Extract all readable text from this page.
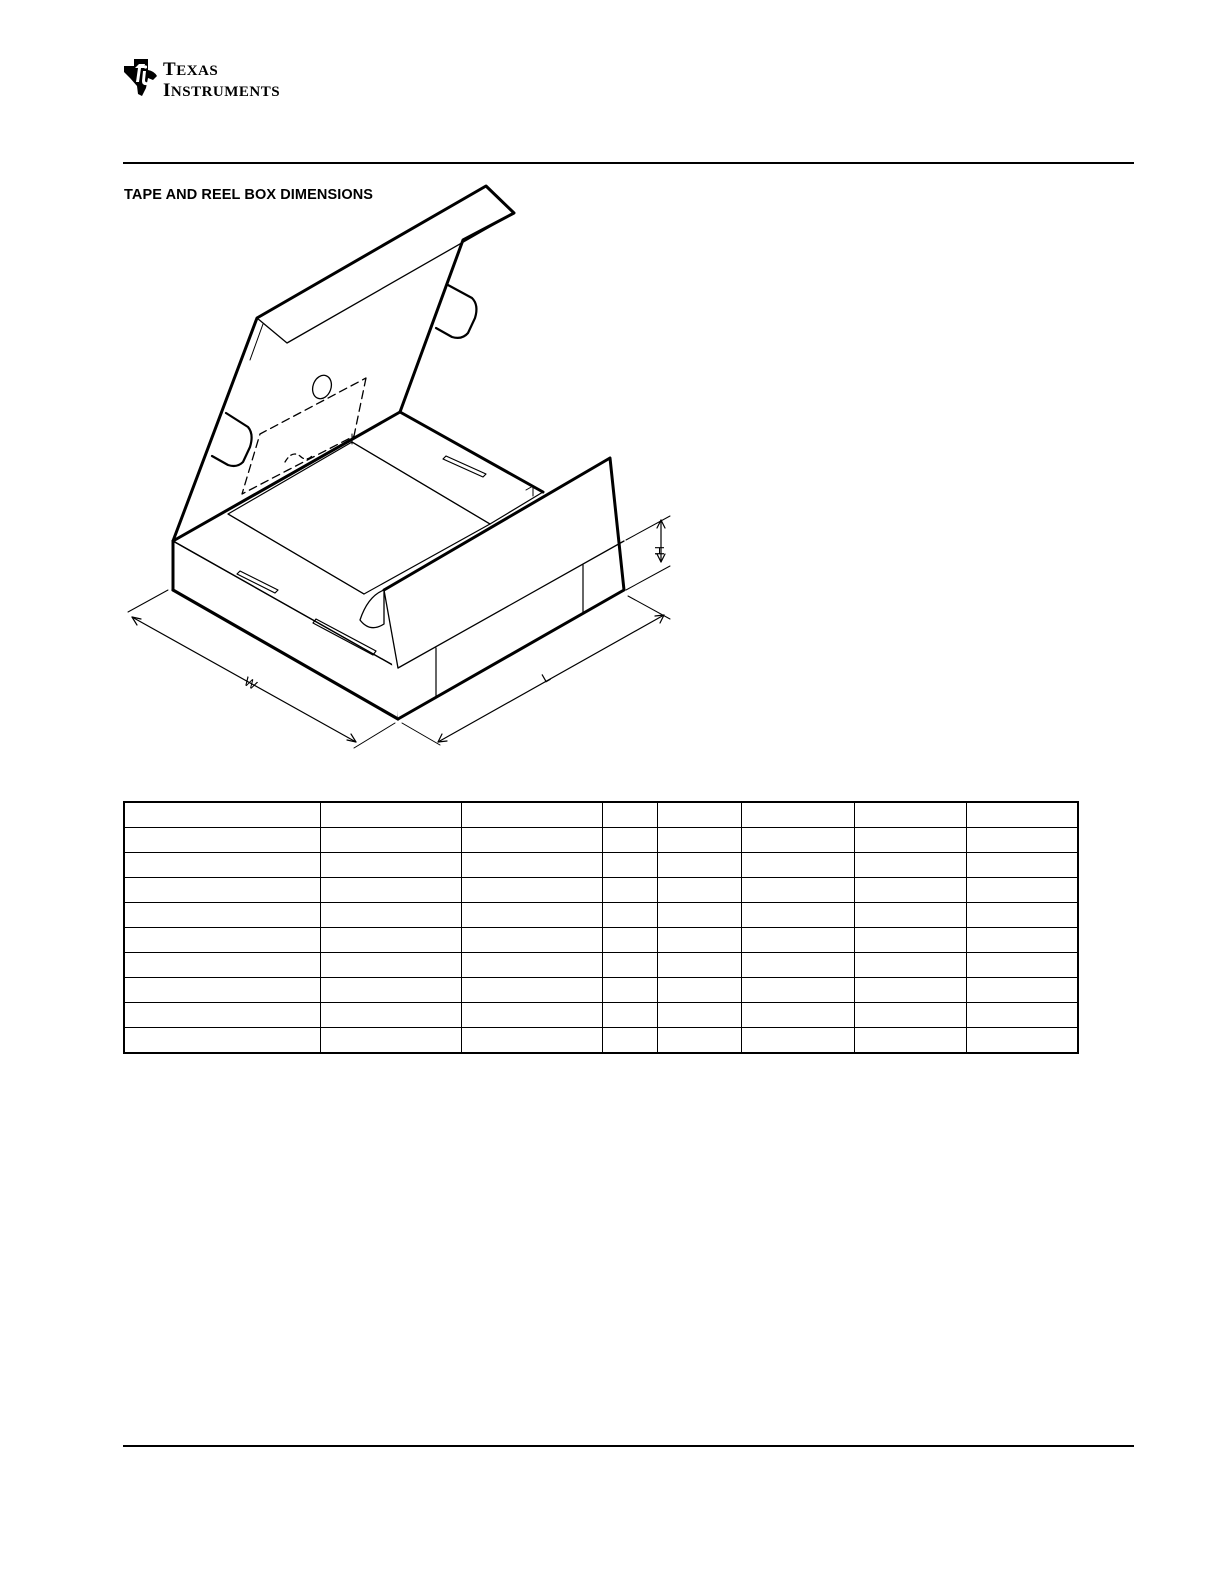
TEXAS
INSTRUMENTS
TAPE AND REEL BOX DIMENSIONS
W	L
H
